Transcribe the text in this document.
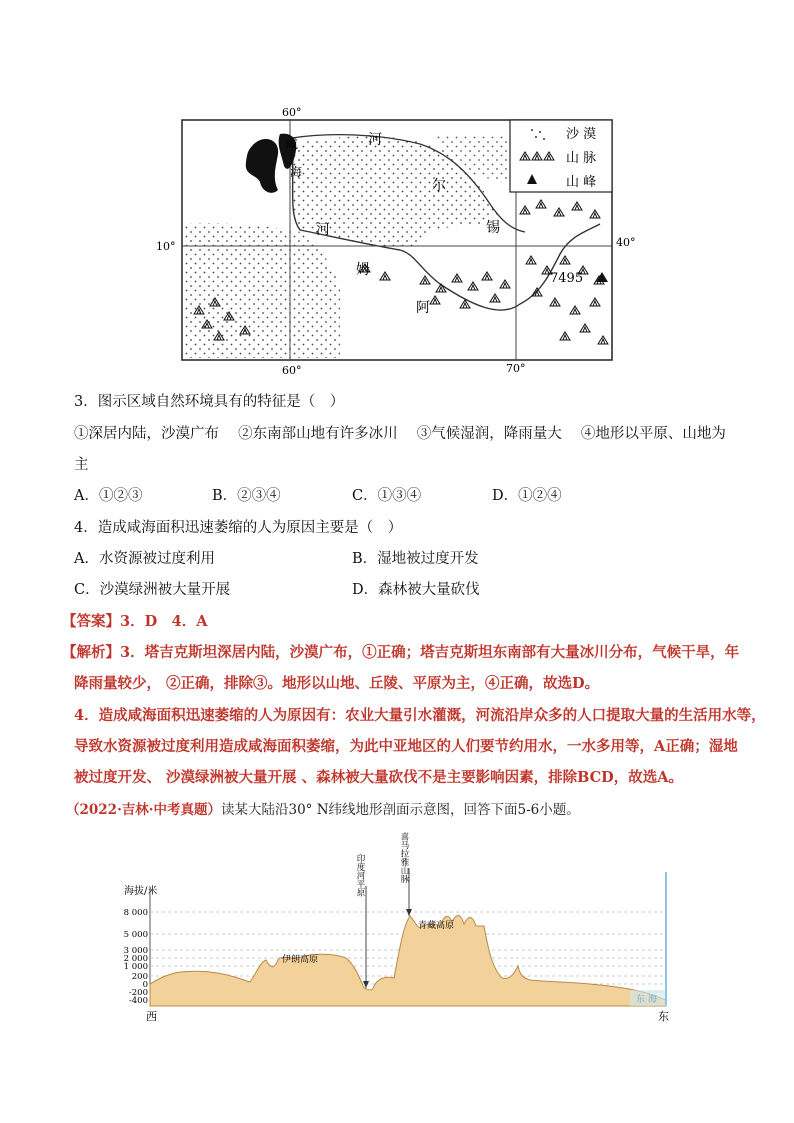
沙 漠
山 脉
山 峰
60°
咸
海
河
尔
锡
河
姆
阿
10°	40°
60°	70°
7495
3．图示区域自然环境具有的特征是（　）
①深居内陆，沙漠广布　 ②东南部山地有许多冰川　 ③气候湿润，降雨量大　 ④地形以平原、山地为
主
A．①②③	B．②③④	C．①③④	D．①②④
4．造成咸海面积迅速萎缩的人为原因主要是（　）
A．水资源被过度利用	B．湿地被过度开发
C．沙漠绿洲被大量开展	D．森林被大量砍伐
【答案】3．D　4．A
【解析】3．塔吉克斯坦深居内陆，沙漠广布，①正确；塔吉克斯坦东南部有大量冰川分布，气候干旱，年
降雨量较少， ②正确，排除③。地形以山地、丘陵、平原为主，④正确，故选D。
4．造成咸海面积迅速萎缩的人为原因有：农业大量引水灌溉，河流沿岸众多的人口提取大量的生活用水等，
导致水资源被过度利用造成咸海面积萎缩，为此中亚地区的人们要节约用水，一水多用等，A正确；湿地
被过度开发、 沙漠绿洲被大量开展 、森林被大量砍伐不是主要影响因素，排除BCD，故选A。
（2022·吉林·中考真题）读某大陆沿30° N纬线地形剖面示意图，回答下面5-6小题。
海拔/米
8 000
5 000
3 000
2 000
1 000
200
0
-200
-400
伊朗高原
青藏高原
东 海
印度河平原	喜马拉雅山脉
西	东
